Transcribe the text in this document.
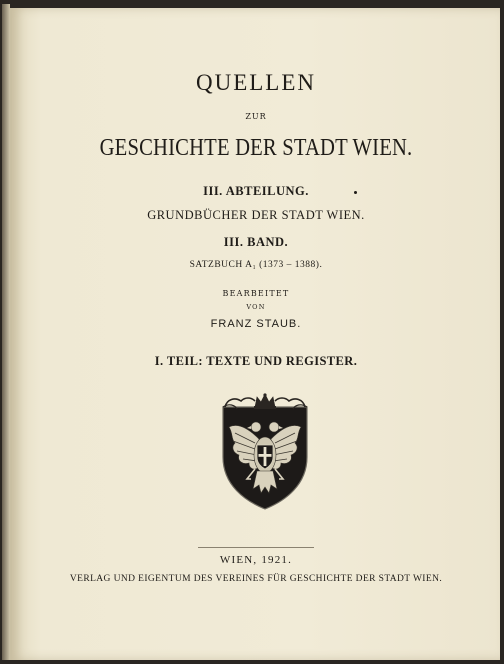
QUELLEN
ZUR
GESCHICHTE DER STADT WIEN.
III. ABTEILUNG.
GRUNDBÜCHER DER STADT WIEN.
III. BAND.
SATZBUCH A₁ (1373 – 1388).
BEARBEITET
VON
FRANZ STAUB.
I. TEIL: TEXTE UND REGISTER.
WIEN, 1921.
VERLAG UND EIGENTUM DES VEREINES FÜR GESCHICHTE DER STADT WIEN.
